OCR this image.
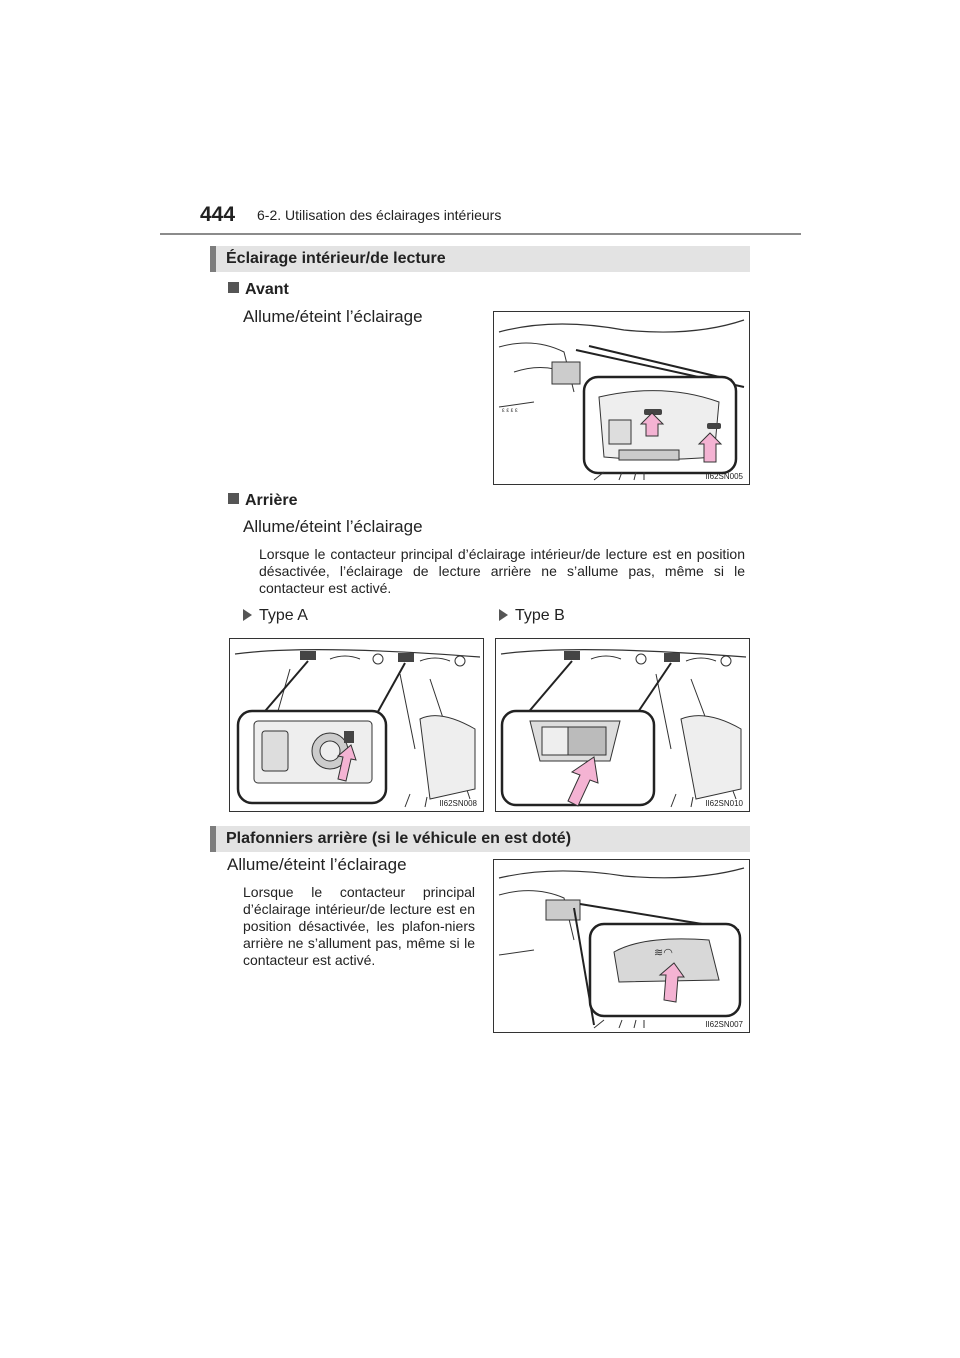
444 6-2. Utilisation des éclairages intérieurs
Éclairage intérieur/de lecture
Avant
Allume/éteint l’éclairage
ε ε ε ε
II62SN005
Arrière
Allume/éteint l’éclairage
Lorsque le contacteur principal d’éclairage intérieur/de lecture est en position désactivée, l’éclairage de lecture arrière ne s’allume pas, même si le contacteur est activé.
Type A	Type B
II62SN008	II62SN010
Plafonniers arrière (si le véhicule en est doté)
Allume/éteint l’éclairage
Lorsque le contacteur principal d’éclairage intérieur/de lecture est en position désactivée, les plafon-niers arrière ne s’allument pas, même si le contacteur est activé.	≋◠
II62SN007
